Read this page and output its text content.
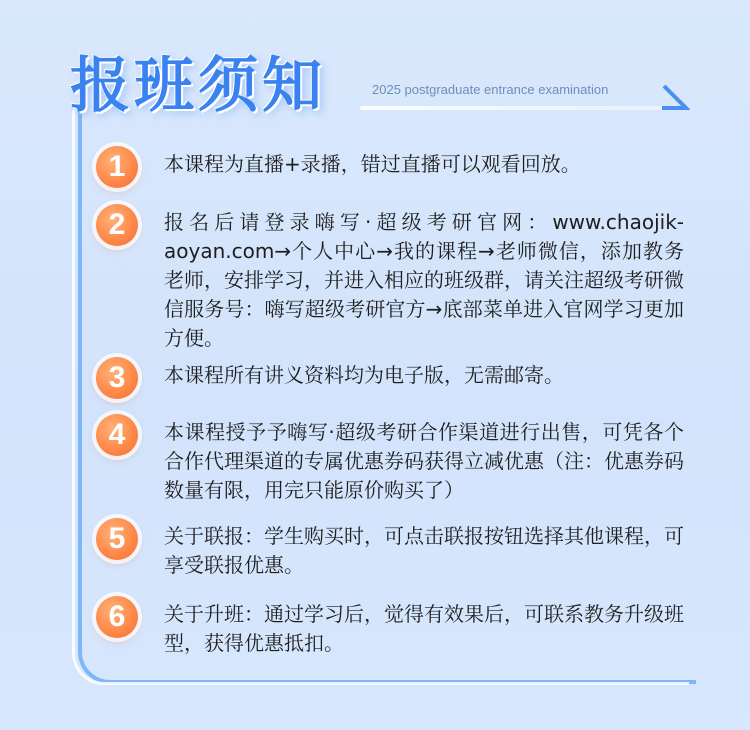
报班须知	2025 postgraduate entrance examination
1	本课程为直播+录播，错过直播可以观看回放。
2	报名后请登录嗨写·超级考研官网：www.chaojik-aoyan.com→个人中心→我的课程→老师微信，添加教务老师，安排学习，并进入相应的班级群，请关注超级考研微信服务号：嗨写超级考研官方→底部菜单进入官网学习更加方便。
3	本课程所有讲义资料均为电子版，无需邮寄。
4	本课程授予予嗨写·超级考研合作渠道进行出售，可凭各个合作代理渠道的专属优惠券码获得立减优惠（注：优惠券码数量有限，用完只能原价购买了）
5	关于联报：学生购买时，可点击联报按钮选择其他课程，可享受联报优惠。
6	关于升班：通过学习后，觉得有效果后，可联系教务升级班型，获得优惠抵扣。
